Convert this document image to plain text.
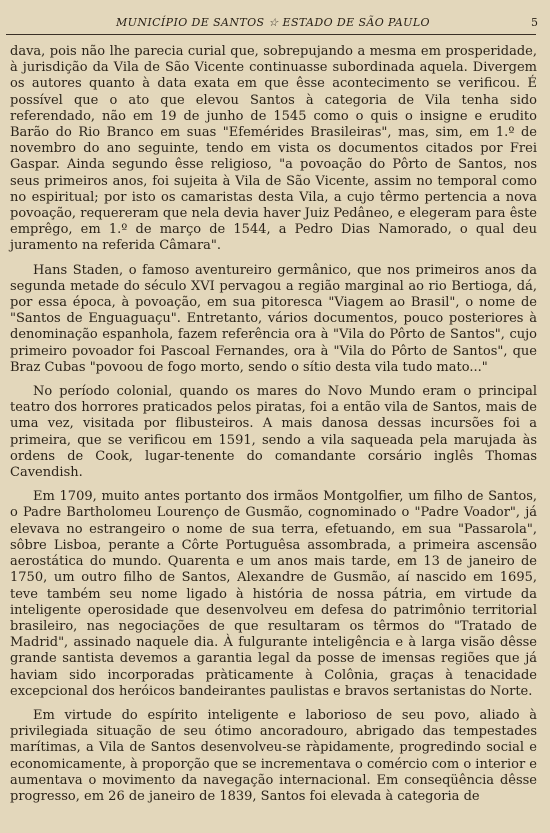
MUNICÍPIO DE SANTOS ☆ ESTADO DE SÃO PAULO	5

dava, pois não lhe parecia curial que, sobrepujando a mesma em prosperidade, à jurisdição da Vila de São Vicente continuasse subordinada aquela. Divergem os autores quanto à data exata em que êsse acontecimento se verificou. É possível que o ato que elevou Santos à categoria de Vila tenha sido referendado, não em 19 de junho de 1545 como o quis o insigne e erudito Barão do Rio Branco em suas "Efemérides Brasileiras", mas, sim, em 1.º de novembro do ano seguinte, tendo em vista os documentos citados por Frei Gaspar. Ainda segundo êsse religioso, "a povoação do Pôrto de Santos, nos seus primeiros anos, foi sujeita à Vila de São Vicente, assim no temporal como no espiritual; por isto os camaristas desta Vila, a cujo têrmo pertencia a nova povoação, requereram que nela devia haver Juiz Pedâneo, e elegeram para êste emprêgo, em 1.º de março de 1544, a Pedro Dias Namorado, o qual deu juramento na referida Câmara".

Hans Staden, o famoso aventureiro germânico, que nos primeiros anos da segunda metade do século XVI pervagou a região marginal ao rio Bertioga, dá, por essa época, à povoação, em sua pitoresca "Viagem ao Brasil", o nome de "Santos de Enguaguaçu". Entretanto, vários documentos, pouco posteriores à denominação espanhola, fazem referência ora à "Vila do Pôrto de Santos", cujo primeiro povoador foi Pascoal Fernandes, ora à "Vila do Pôrto de Santos", que Braz Cubas "povoou de fogo morto, sendo o sítio desta vila tudo mato..."

No período colonial, quando os mares do Novo Mundo eram o principal teatro dos horrores praticados pelos piratas, foi a então vila de Santos, mais de uma vez, visitada por flibusteiros. A mais danosa dessas incursões foi a primeira, que se verificou em 1591, sendo a vila saqueada pela marujada às ordens de Cook, lugar-tenente do comandante corsário inglês Thomas Cavendish.

Em 1709, muito antes portanto dos irmãos Montgolfier, um filho de Santos, o Padre Bartholomeu Lourenço de Gusmão, cognominado o "Padre Voador", já elevava no estrangeiro o nome de sua terra, efetuando, em sua "Passarola", sôbre Lisboa, perante a Côrte Portuguêsa assombrada, a primeira ascensão aerostática do mundo. Quarenta e um anos mais tarde, em 13 de janeiro de 1750, um outro filho de Santos, Alexandre de Gusmão, aí nascido em 1695, teve também seu nome ligado à história de nossa pátria, em virtude da inteligente operosidade que desenvolveu em defesa do patrimônio territorial brasileiro, nas negociações de que resultaram os têrmos do "Tratado de Madrid", assinado naquele dia. À fulgurante inteligência e à larga visão dêsse grande santista devemos a garantia legal da posse de imensas regiões que já haviam sido incorporadas pràticamente à Colônia, graças à tenacidade excepcional dos heróicos bandeirantes paulistas e bravos sertanistas do Norte.

Em virtude do espírito inteligente e laborioso de seu povo, aliado à privilegiada situação de seu ótimo ancoradouro, abrigado das tempestades marítimas, a Vila de Santos desenvolveu-se ràpidamente, progredindo social e economicamente, à proporção que se incrementava o comércio com o interior e aumentava o movimento da navegação internacional. Em conseqüência dêsse progresso, em 26 de janeiro de 1839, Santos foi elevada à categoria de
